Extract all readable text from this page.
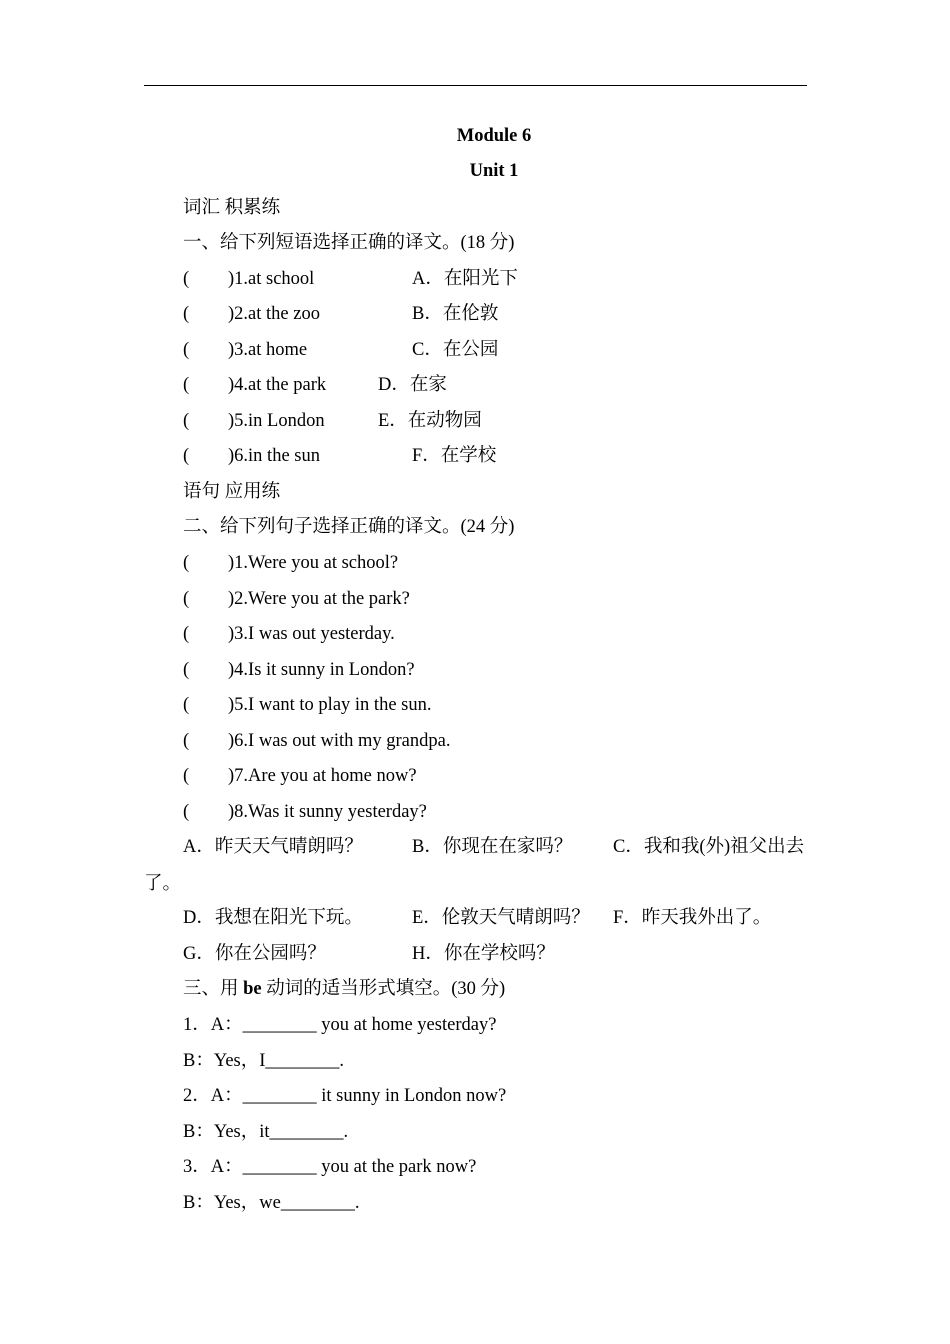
Module 6
Unit 1
词汇 积累练
一、给下列短语选择正确的译文。(18 分)
( )1.at school	A．在阳光下
( )2.at the zoo	B．在伦敦
( )3.at home	C．在公园
( )4.at the park	D．在家
( )5.in London	E．在动物园
( )6.in the sun	F．在学校
语句 应用练
二、给下列句子选择正确的译文。(24 分)
( )1.Were you at school?
( )2.Were you at the park?
( )3.I was out yesterday.
( )4.Is it sunny in London?
( )5.I want to play in the sun.
( )6.I was out with my grandpa.
( )7.Are you at home now?
( )8.Was it sunny yesterday?
A．昨天天气晴朗吗？	B．你现在在家吗？ C．我和我(外)祖父出去
了。
D．我想在阳光下玩。	E．伦敦天气晴朗吗？ F．昨天我外出了。
G．你在公园吗？	H．你在学校吗？
三、用 be 动词的适当形式填空。(30 分)
1．A：________ you at home yesterday?
B：Yes，I________.
2．A：________ it sunny in London now?
B：Yes，it________.
3．A：________ you at the park now?
B：Yes，we________.
